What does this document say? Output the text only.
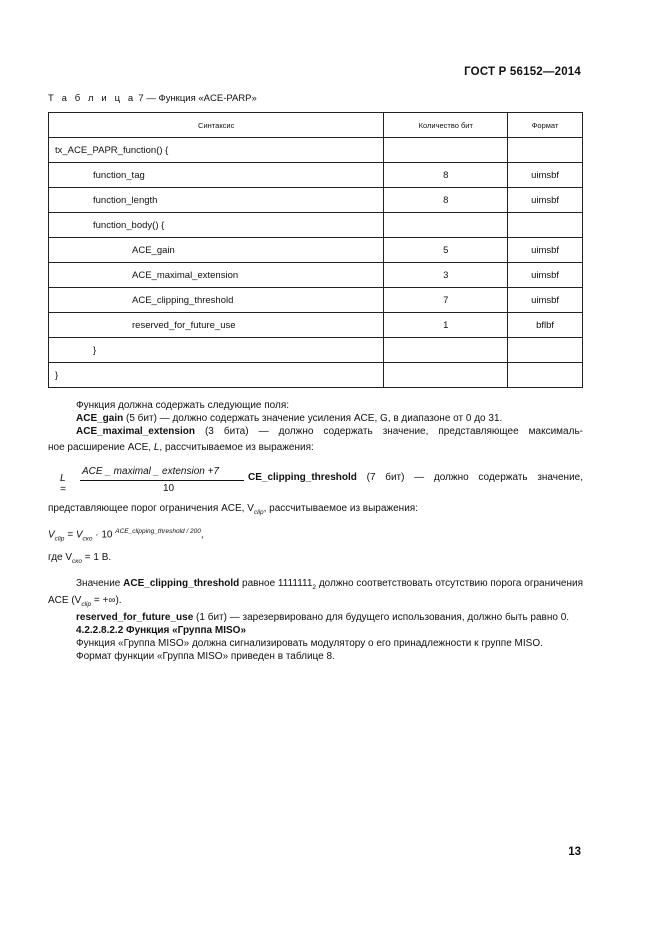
ГОСТ Р 56152—2014
Т а б л и ц а 7 — Функция «ACE-PARP»
Синтаксис	Количество бит	Формат
tx_ACE_PAPR_function() {		
function_tag	8	uimsbf
function_length	8	uimsbf
function_body() {		
ACE_gain	5	uimsbf
ACE_maximal_extension	3	uimsbf
ACE_clipping_threshold	7	uimsbf
reserved_for_future_use	1	bflbf
}		
}		

Функция должна содержать следующие поля:

ACE_gain (5 бит) — должно содержать значение усиления ACE, G, в диапазоне от 0 до 31.

ACE_maximal_extension (3 бита) — должно содержать значение, представляющее максималь-

ное расширение ACE, L, рассчитываемое из выражения:

L =
ACE _ maximal _ extension +7
10
CE_clipping_threshold (7 бит) — должно содержать значение,

представляющее порог ограничения ACE, $V_{clip}$, рассчитываемое из выражения:

$V_{clip} = V_{ско} \cdot 10$ $^{ACE\_clipping\_threshold / 200}$,

где $V_{ско} = 1$ В.

Значение ACE_clipping_threshold равное $1111111_2$ должно соответствовать отсутствию порога ограничения ACE ($V_{clip}$ = +∞).

reserved_for_future_use (1 бит) — зарезервировано для будущего использования, должно быть равно 0.

4.2.2.8.2.2 Функция «Группа MISO»

Функция «Группа MISO» должна сигнализировать модулятору о его принадлежности к группе MISO.

Формат функции «Группа MISO» приведен в таблице 8.

13
